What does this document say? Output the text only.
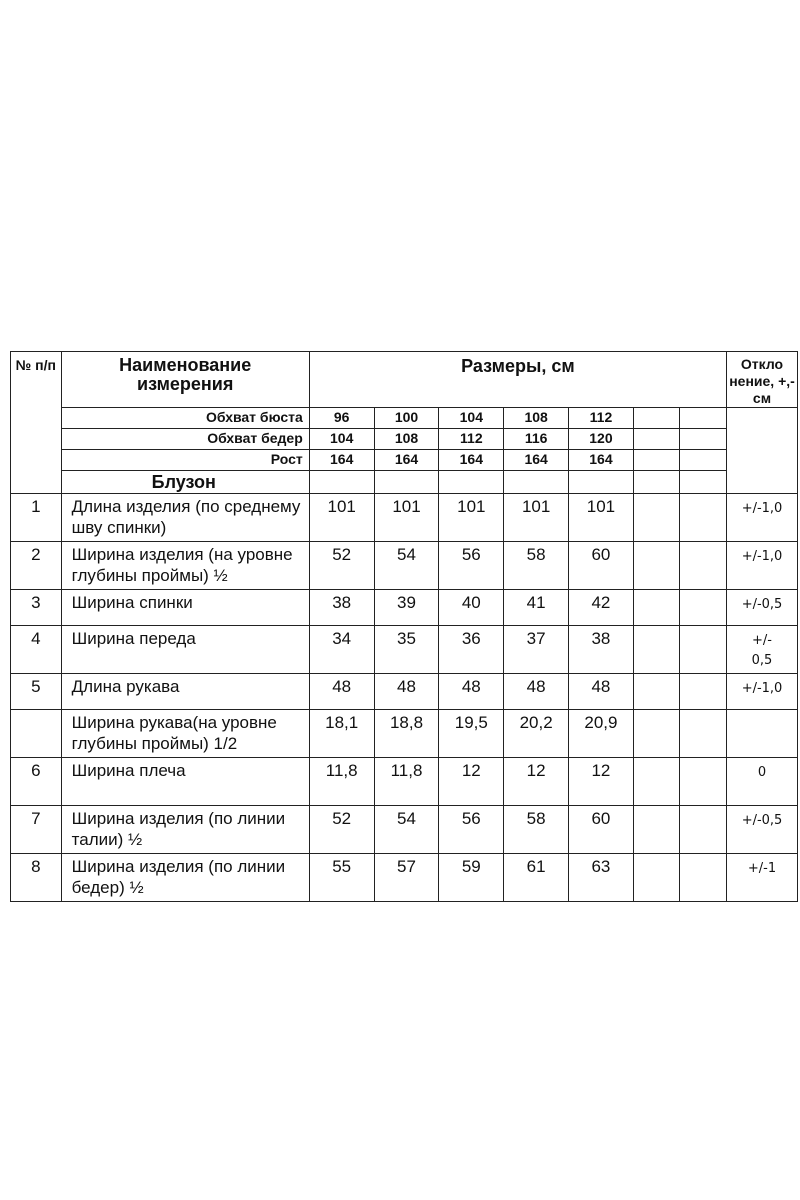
№ п/п	Наименование измерения	Размеры, см							Откло нение, +,- см
	Обхват бюста	96	100	104	108	112			
	Обхват бедер	104	108	112	116	120			
	Рост	164	164	164	164	164			
	Блузон								
1	Длина изделия (по среднему шву спинки)	101	101	101	101	101			+/-1,0
2	Ширина изделия (на уровне глубины проймы) ½	52	54	56	58	60			+/-1,0
3	Ширина спинки	38	39	40	41	42			+/-0,5
4	Ширина переда	34	35	36	37	38			+/- 0,5
5	Длина рукава	48	48	48	48	48			+/-1,0
	Ширина рукава(на уровне глубины проймы) 1/2	18,1	18,8	19,5	20,2	20,9			
6	Ширина плеча	11,8	11,8	12	12	12			0
7	Ширина изделия (по линии талии) ½	52	54	56	58	60			+/-0,5
8	Ширина изделия (по линии бедер) ½	55	57	59	61	63			+/-1
